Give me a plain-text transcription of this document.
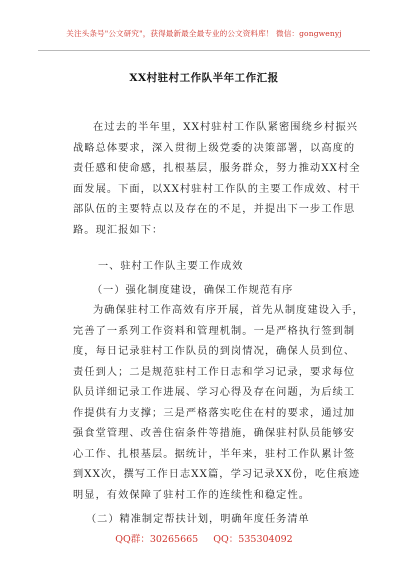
关注头条号"公文研究"，获得最新最全最专业的公文资料库！ 微信：gongwenyj
XX村驻村工作队半年工作汇报
在过去的半年里，XX村驻村工作队紧密围绕乡村振兴
战略总体要求，深入贯彻上级党委的决策部署，以高度的
责任感和使命感，扎根基层，服务群众，努力推动XX村全
面发展。下面，以XX村驻村工作队的主要工作成效、村干
部队伍的主要特点以及存在的不足，并提出下一步工作思
路。现汇报如下：
一、驻村工作队主要工作成效
（一）强化制度建设，确保工作规范有序
为确保驻村工作高效有序开展，首先从制度建设入手，
完善了一系列工作资料和管理机制。一是严格执行签到制
度，每日记录驻村工作队员的到岗情况，确保人员到位、
责任到人；二是规范驻村工作日志和学习记录，要求每位
队员详细记录工作进展、学习心得及存在问题，为后续工
作提供有力支撑；三是严格落实吃住在村的要求，通过加
强食堂管理、改善住宿条件等措施，确保驻村队员能够安
心工作、扎根基层。据统计，半年来，驻村工作队累计签
到XX次，撰写工作日志XX篇，学习记录XX份，吃住痕迹
明显，有效保障了驻村工作的连续性和稳定性。
（二）精准制定帮扶计划，明确年度任务清单
QQ群：30265665 QQ：535304092
